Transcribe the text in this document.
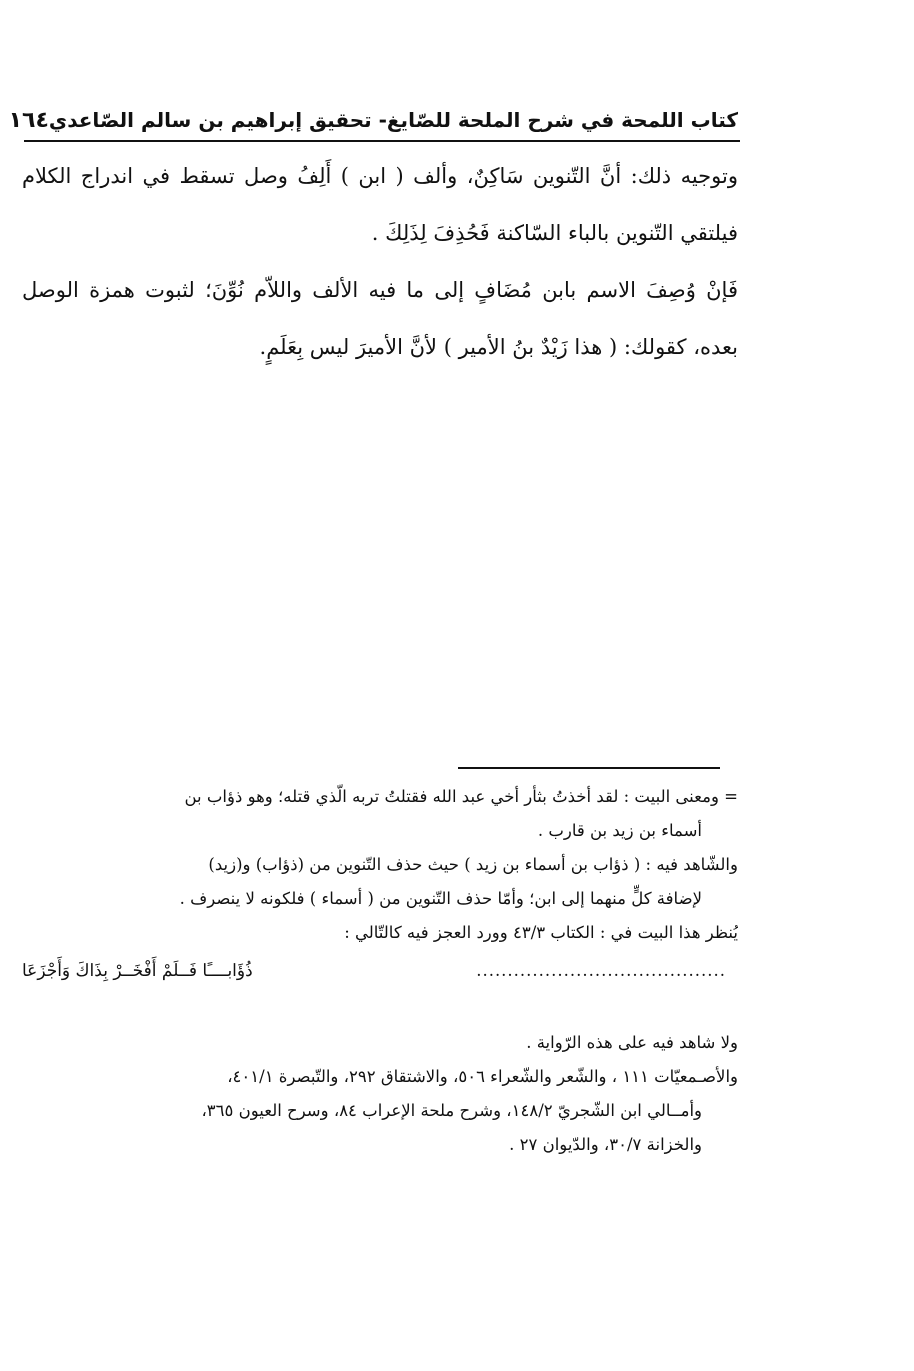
كتاب اللمحة في شرح الملحة للصّايغ- تحقيق إبراهيم بن سالم الصّاعدي
١٦٤

وتوجيه ذلك: أنَّ التّنوين سَاكِنٌ، وألف ( ابن ) أَلِفُ وصل تسقط في اندراج الكلام فيلتقي التّنوين بالباء السّاكنة فَحُذِفَ لِذَلِكَ .

فَإنْ وُصِفَ الاسم بابن مُضَافٍ إلى ما فيه الألف واللاّم نُوِّنَ؛ لثبوت همزة الوصل بعده، كقولك: ( هذا زَيْدٌ بنُ الأمير ) لأنَّ الأميرَ ليس بِعَلَمٍ.

= ومعنى البيت : لقد أخذتُ بثأر أخي عبد الله فقتلتُ تربه الّذي قتله؛ وهو ذؤاب بن

أسماء بن زيد بن قارب .

والشّاهد فيه : ( ذؤاب بن أسماء بن زيد ) حيث حذف التّنوين من (ذؤاب) و(زيد)

لإضافة كلٍّ منهما إلى ابن؛ وأمّا حذف التّنوين من ( أسماء ) فلكونه لا ينصرف .

يُنظر هذا البيت في : الكتاب ٤٣/٣ وورد العجز فيه كالتّالي :

........................................
ذُؤَابــــًا فَــلَمْ أَفْخَــرْ بِذَاكَ وَأَجْزَعَا

ولا شاهد فيه على هذه الرّواية .

والأصـمعيّات ١١١ ، والشّعر والشّعراء ٥٠٦، والاشتقاق ٢٩٢، والتّبصرة ٤٠١/١،

وأمــالي ابن الشّجريّ ١٤٨/٢، وشرح ملحة الإعراب ٨٤، وسرح العيون ٣٦٥،

والخزانة ٣٠/٧، والدّيوان ٢٧ .
